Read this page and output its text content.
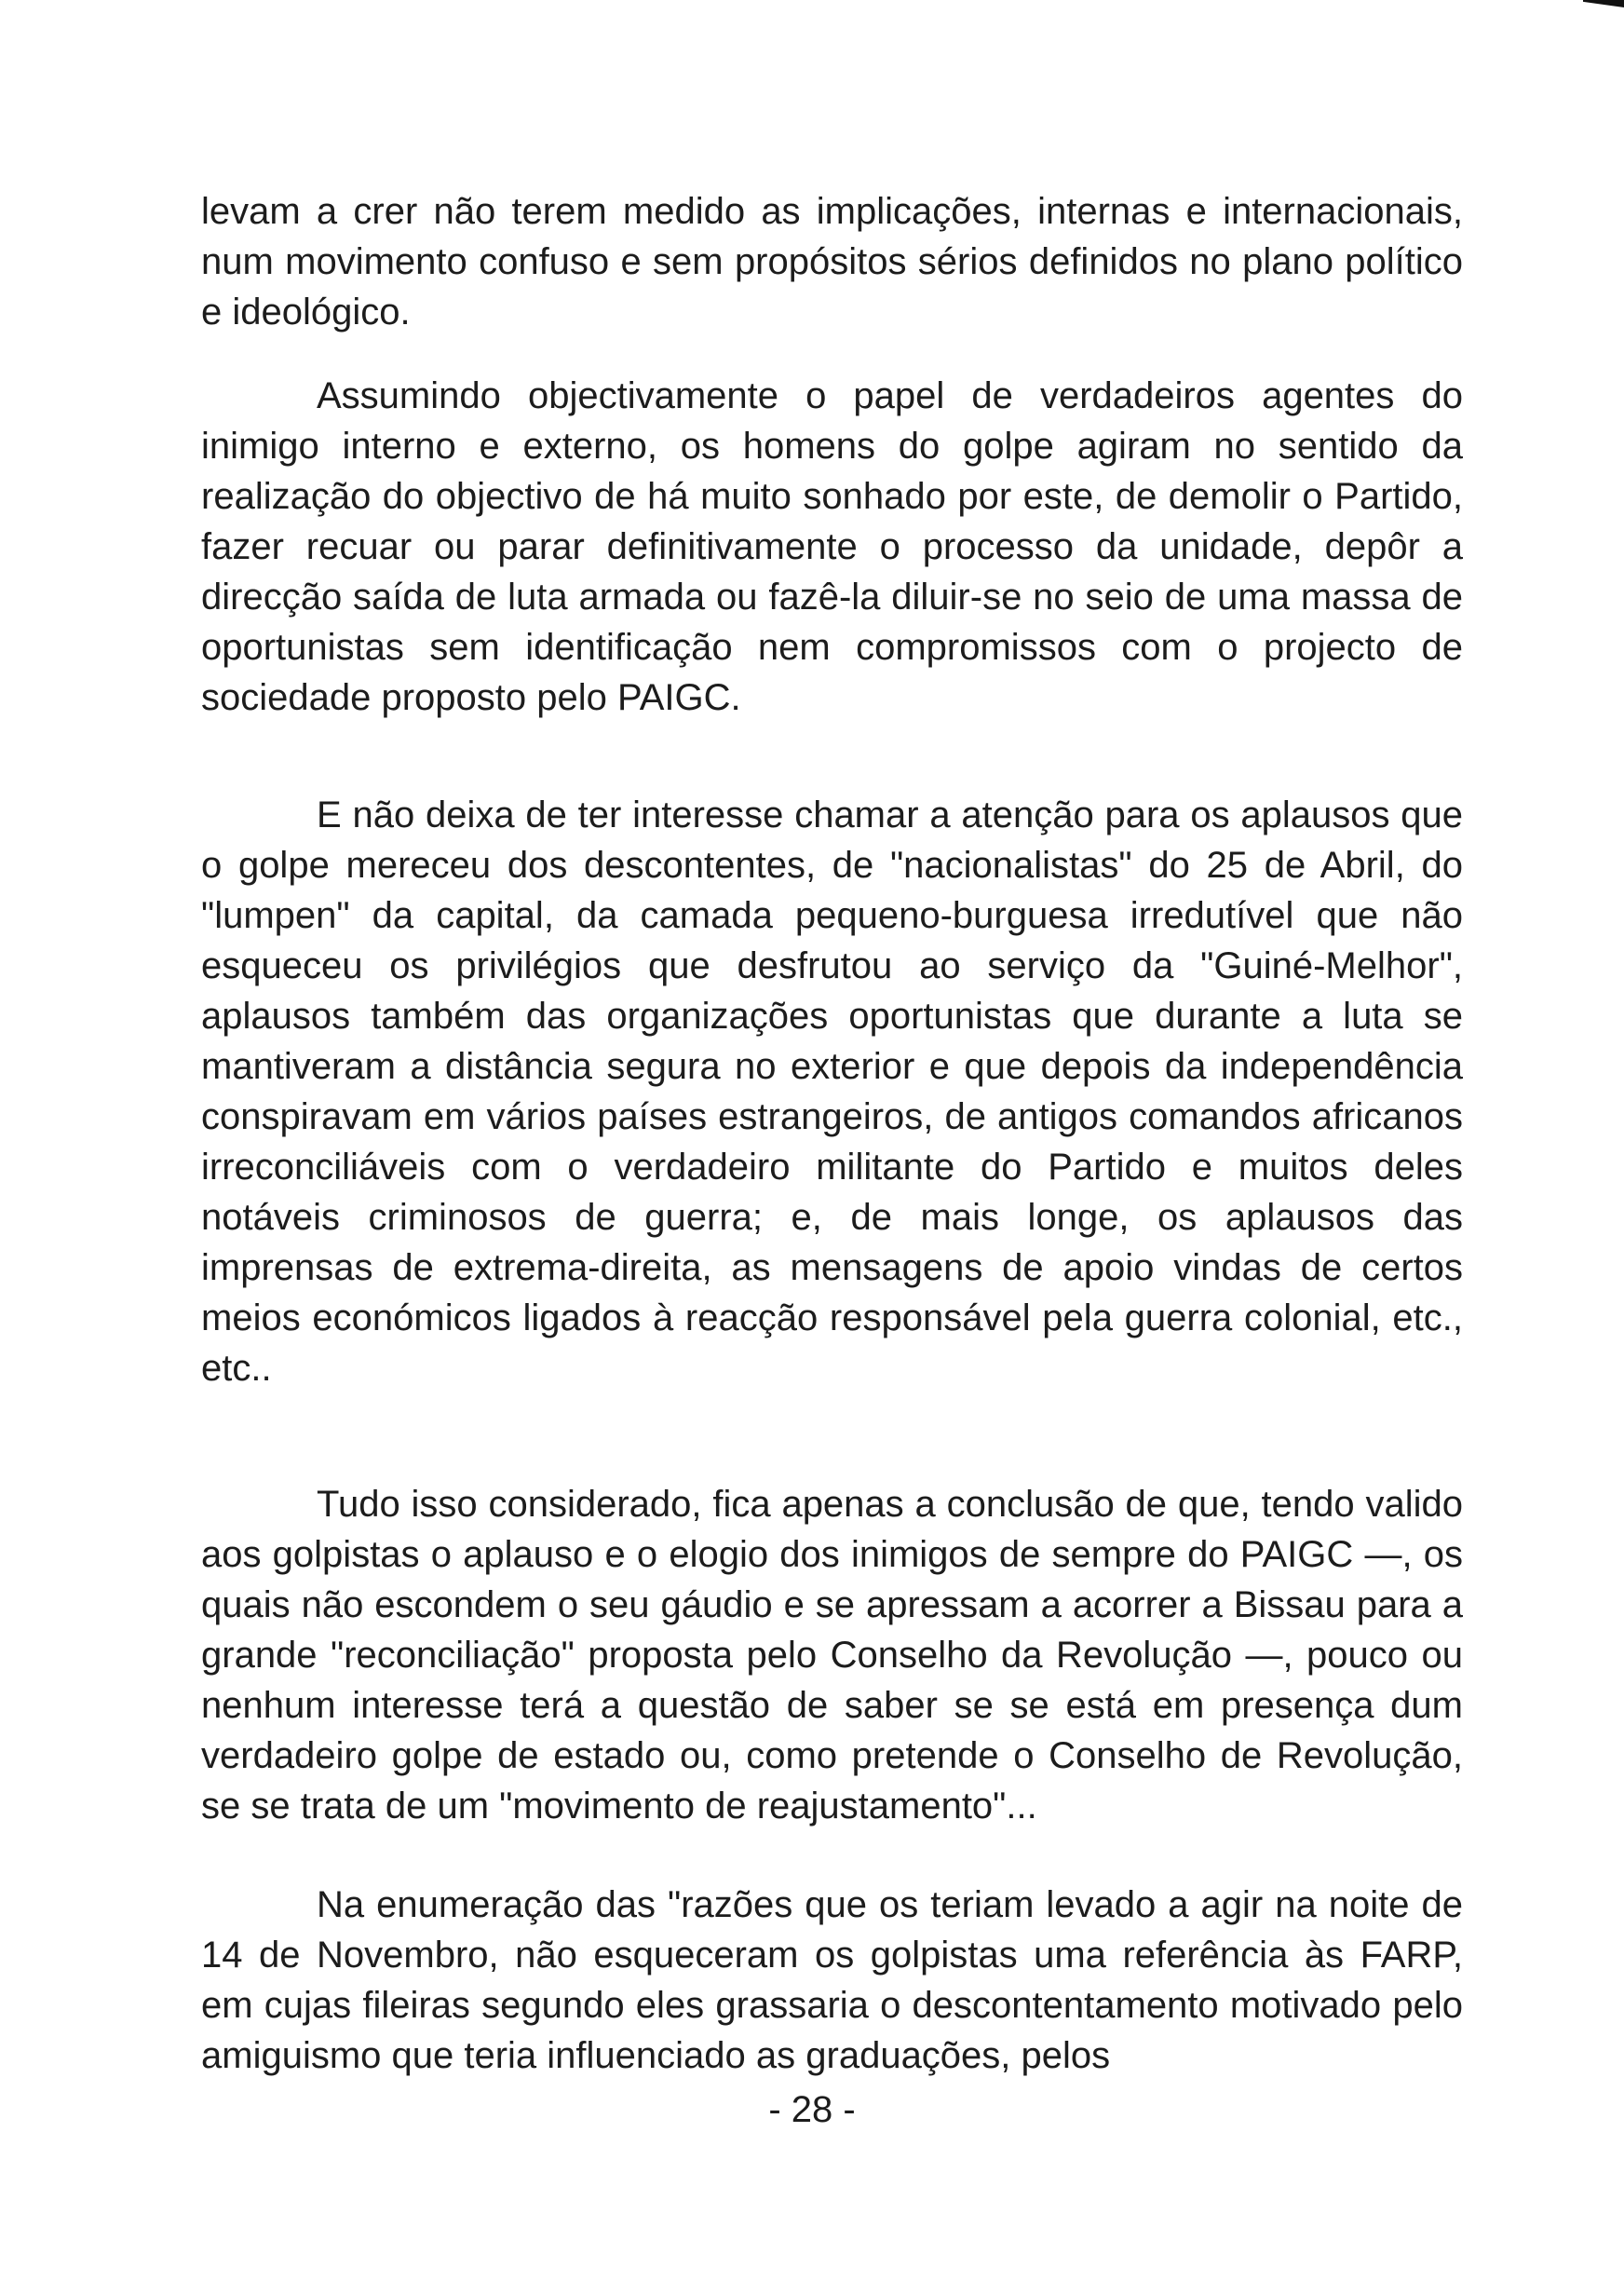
levam a crer não terem medido as implicações, internas e internacionais, num movimento confuso e sem propósitos sérios definidos no plano político e ideológico.

Assumindo objectivamente o papel de verdadeiros agentes do inimigo interno e externo, os homens do golpe agiram no sentido da realização do objectivo de há muito sonhado por este, de demolir o Partido, fazer recuar ou parar definitivamente o processo da unidade, depôr a direcção saída de luta armada ou fazê-la diluir-se no seio de uma massa de oportunistas sem identificação nem compromissos com o projecto de sociedade proposto pelo PAIGC.

E não deixa de ter interesse chamar a atenção para os aplausos que o golpe mereceu dos descontentes, de "nacionalistas" do 25 de Abril, do "lumpen" da capital, da camada pequeno-burguesa irredutível que não esqueceu os privilégios que desfrutou ao serviço da "Guiné-Melhor", aplausos também das organizações oportunistas que durante a luta se mantiveram a distância segura no exterior e que depois da independência conspiravam em vários países estrangeiros, de antigos comandos africanos irreconciliáveis com o verdadeiro militante do Partido e muitos deles notáveis criminosos de guerra; e, de mais longe, os aplausos das imprensas de extrema-direita, as mensagens de apoio vindas de certos meios económicos ligados à reacção responsável pela guerra colonial, etc., etc..

Tudo isso considerado, fica apenas a conclusão de que, tendo valido aos golpistas o aplauso e o elogio dos inimigos de sempre do PAIGC —, os quais não escondem o seu gáudio e se apressam a acorrer a Bissau para a grande "reconciliação" proposta pelo Conselho da Revolução —, pouco ou nenhum interesse terá a questão de saber se se está em presença dum verdadeiro golpe de estado ou, como pretende o Conselho de Revolução, se se trata de um "movimento de reajustamento"...

Na enumeração das "razões que os teriam levado a agir na noite de 14 de Novembro, não esqueceram os golpistas uma referência às FARP, em cujas fileiras segundo eles grassaria o descontentamento motivado pelo amiguismo que teria influenciado as graduações, pelos

- 28 -
